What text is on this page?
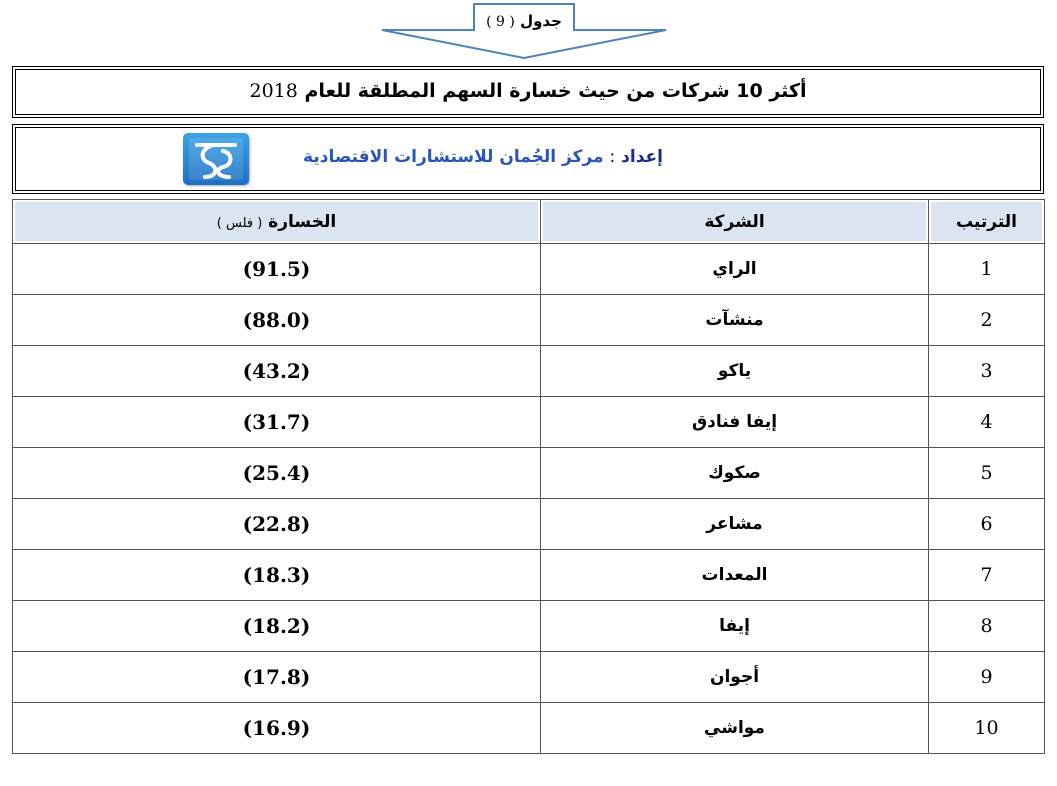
جدول ( 9 )
أكثر 10 شركات من حيث خسارة السهم المطلقة للعام 2018
إعداد : مركز الجُمان للاستشارات الاقتصادية
الترتيب	الشركة	الخسارة ( فلس )
1	الراي	(91.5)
2	منشآت	(88.0)
3	ياكو	(43.2)
4	إيفا فنادق	(31.7)
5	صكوك	(25.4)
6	مشاعر	(22.8)
7	المعدات	(18.3)
8	إيفا	(18.2)
9	أجوان	(17.8)
10	مواشي	(16.9)
